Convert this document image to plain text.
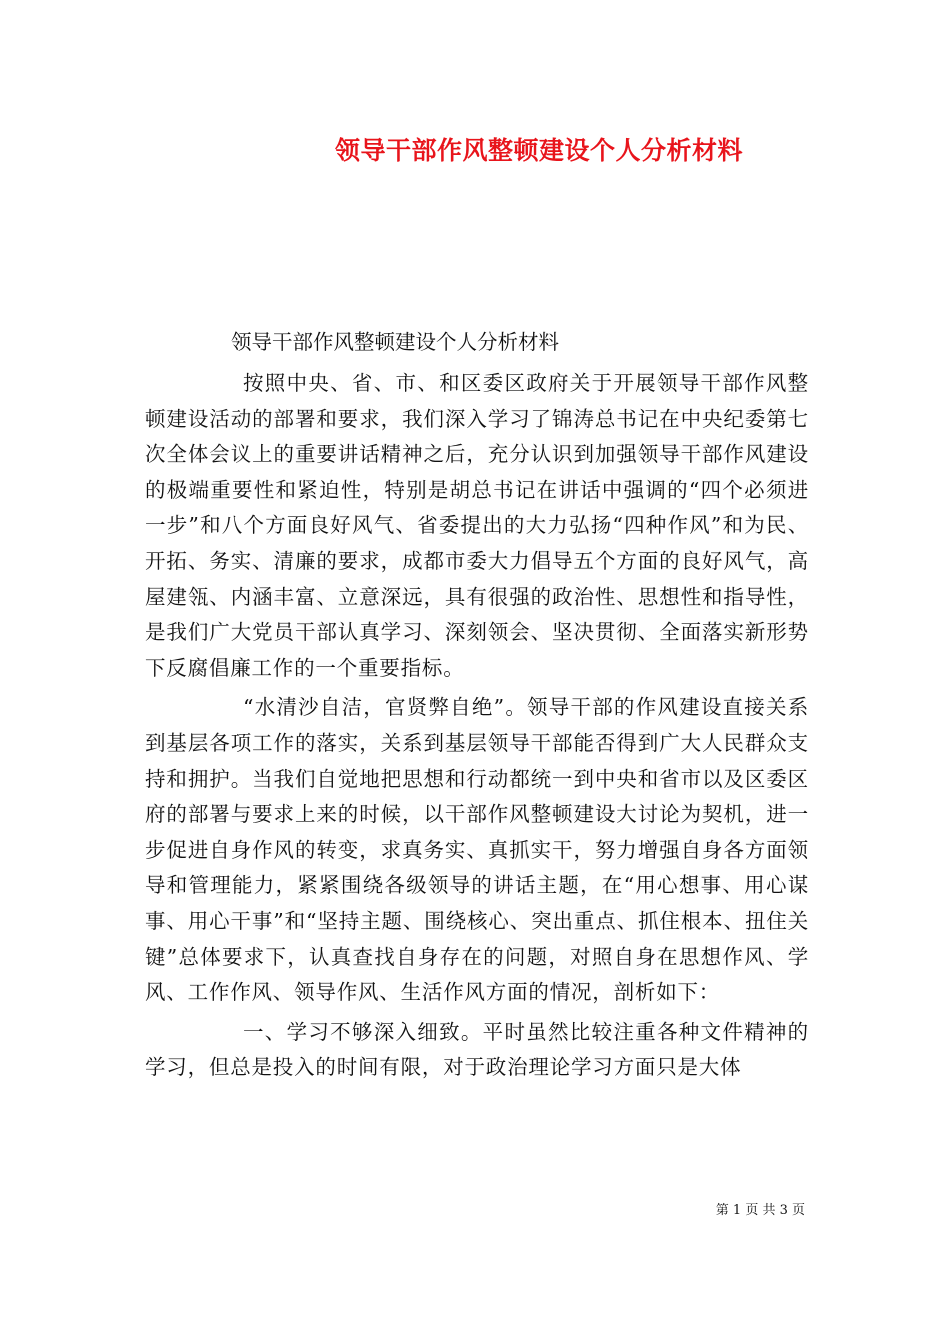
领导干部作风整顿建设个人分析材料
领导干部作风整顿建设个人分析材料

按照中央、省、市、和区委区政府关于开展领导干部作风整顿建设活动的部署和要求，我们深入学习了锦涛总书记在中央纪委第七次全体会议上的重要讲话精神之后，充分认识到加强领导干部作风建设的极端重要性和紧迫性，特别是胡总书记在讲话中强调的“四个必须进一步”和八个方面良好风气、省委提出的大力弘扬“四种作风”和为民、开拓、务实、清廉的要求，成都市委大力倡导五个方面的良好风气，高屋建瓴、内涵丰富、立意深远，具有很强的政治性、思想性和指导性，是我们广大党员干部认真学习、深刻领会、坚决贯彻、全面落实新形势下反腐倡廉工作的一个重要指标。

“水清沙自洁，官贤弊自绝”。领导干部的作风建设直接关系到基层各项工作的落实，关系到基层领导干部能否得到广大人民群众支持和拥护。当我们自觉地把思想和行动都统一到中央和省市以及区委区府的部署与要求上来的时候，以干部作风整顿建设大讨论为契机，进一步促进自身作风的转变，求真务实、真抓实干，努力增强自身各方面领导和管理能力，紧紧围绕各级领导的讲话主题，在“用心想事、用心谋事、用心干事”和“坚持主题、围绕核心、突出重点、抓住根本、扭住关键”总体要求下，认真查找自身存在的问题，对照自身在思想作风、学风、工作作风、领导作风、生活作风方面的情况，剖析如下：

一、学习不够深入细致。平时虽然比较注重各种文件精神的学习，但总是投入的时间有限，对于政治理论学习方面只是大体

第 1 页 共 3 页
